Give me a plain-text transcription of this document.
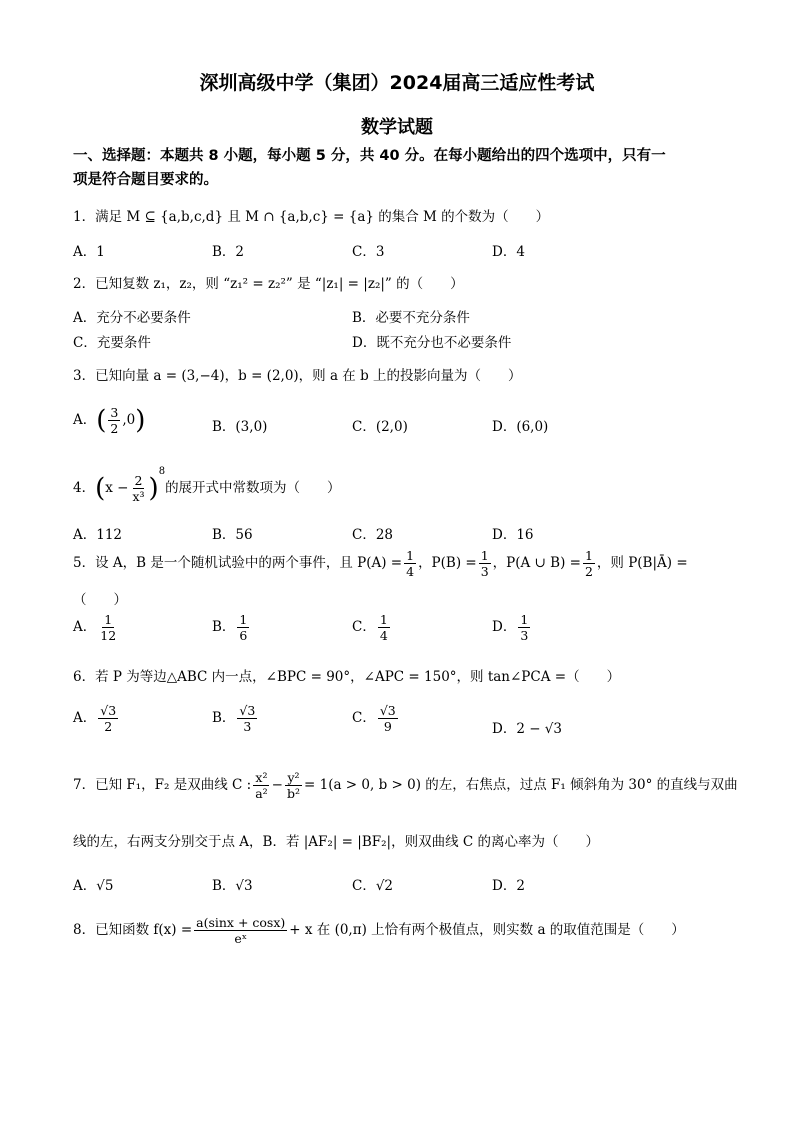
深圳高级中学（集团）2024届高三适应性考试
数学试题
一、选择题：本题共 8 小题，每小题 5 分，共 40 分。在每小题给出的四个选项中，只有一
项是符合题目要求的。
1．满足 M ⊆ {a,b,c,d} 且 M ∩ {a,b,c} = {a} 的集合 M 的个数为（　　）
A．1	B．2	C．3	D．4
2．已知复数 z₁，z₂，则 “z₁² = z₂²” 是 “|z₁| = |z₂|” 的（　　）
A．充分不必要条件	B．必要不充分条件
C．充要条件	D．既不充分也不必要条件
3．已知向量 a = (3,−4)，b = (2,0)，则 a 在 b 上的投影向量为（　　）
A．( $\frac{3}{2} ,0$)	B．(3,0)	C．(2,0)	D．(6,0)
4．$(x - \frac{2}{\text{x³}} )^8$的展开式中常数项为（　　）
A．112	B．56	C．28	D．16
5．设 A，B 是一个随机试验中的两个事件，且 $P(A) = \frac{1}{4}$ ，$P(B) = \frac{1}{3}$ ，P(A ∪ $B) = \frac{1}{2}$ ，则 P(B|Ā) =
（　　）
A． $\frac{1}{12}$	B． $\frac{1}{6}$	C． $\frac{1}{4}$	D． $\frac{1}{3}$
6．若 P 为等边△ABC 内一点，∠BPC = 90°，∠APC = 150°，则 tan∠PCA =（　　）
A． $\frac{√3}{2}$	B． $\frac{√3}{3}$	C． $\frac{√3}{9}$	D．2 − √3
7．已知 F₁，F₂ 是双曲线 C : $\frac{\text{x²}}{\text{a²}} - \frac{\text{y²}}{\text{b²}} = 1(a > 0$, b > 0) 的左，右焦点，过点 F₁ 倾斜角为 30° 的直线与双曲
线的左，右两支分别交于点 A，B．若 |AF₂| = |BF₂|，则双曲线 C 的离心率为（　　）
A．√5	B．√3	C．√2	D．2
8．已知函数 $f(x) = \frac{a(\sin x + \cos x)}{\text{eˣ}} + x$ 在 (0,π) 上恰有两个极值点，则实数 a 的取值范围是（　　）
